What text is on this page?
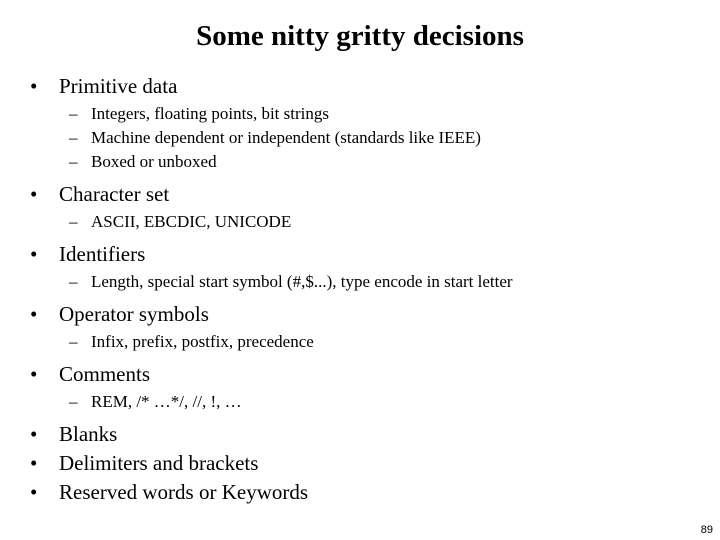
Some nitty gritty decisions
• Primitive data
– Integers, floating points, bit strings
– Machine dependent or independent (standards like IEEE)
– Boxed or unboxed
• Character set
– ASCII, EBCDIC, UNICODE
• Identifiers
– Length, special start symbol (#,$...), type encode in start letter
• Operator symbols
– Infix, prefix, postfix, precedence
• Comments
– REM, /* …*/, //, !, …
• Blanks
• Delimiters and brackets
• Reserved words or Keywords
89
